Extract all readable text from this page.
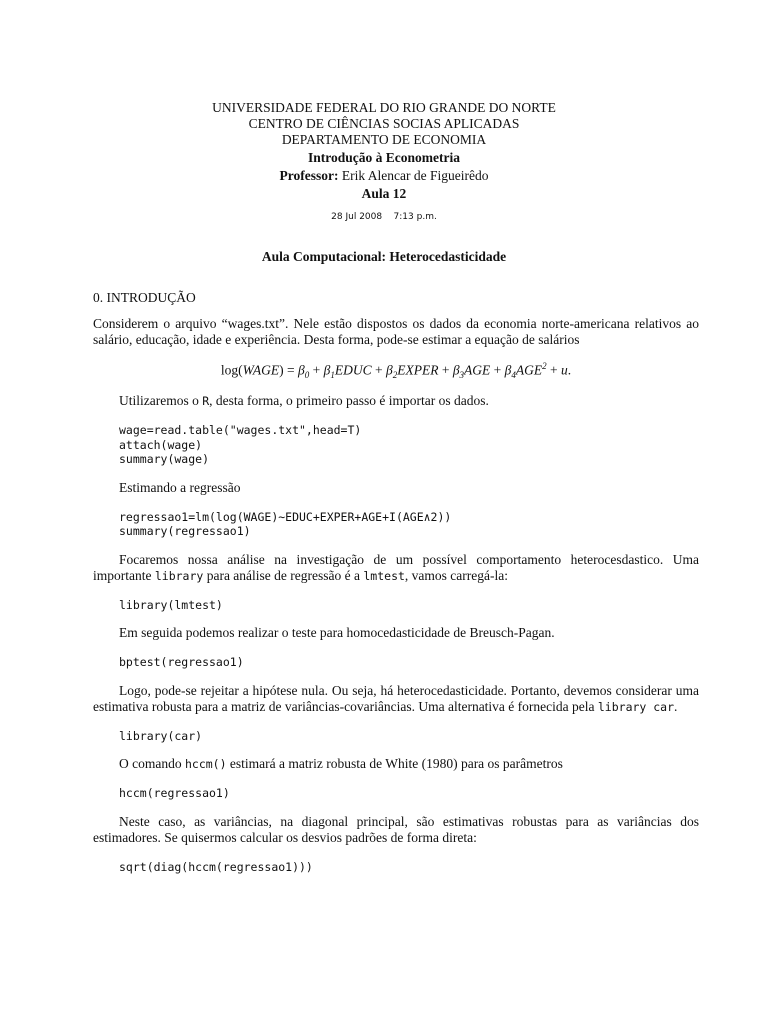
UNIVERSIDADE FEDERAL DO RIO GRANDE DO NORTE
CENTRO DE CIÊNCIAS SOCIAS APLICADAS
DEPARTAMENTO DE ECONOMIA
Introdução à Econometria
Professor: Erik Alencar de Figueirêdo
Aula 12
28 Jul 2008 7:13 p.m.
Aula Computacional: Heterocedasticidade
0. INTRODUÇÃO

Considerem o arquivo “wages.txt”. Nele estão dispostos os dados da economia norte-americana relativos ao salário, educação, idade e experiência. Desta forma, pode-se estimar a equação de salários

log(WAGE) = $\beta_0$ + $\beta_1EDUC$ + $\beta_2EXPER + \beta_3AGE + \beta_4AGE^2 + u$.

Utilizaremos o R, desta forma, o primeiro passo é importar os dados.

wage=read.table("wages.txt",head=T)
attach(wage)
summary(wage)

Estimando a regressão

regressao1=lm(log(WAGE)∼EDUC+EXPER+AGE+I(AGE∧2))
summary(regressao1)

Focaremos nossa análise na investigação de um possível comportamento heterocesdastico. Uma importante library para análise de regressão é a lmtest, vamos carregá-la:

library(lmtest)

Em seguida podemos realizar o teste para homocedasticidade de Breusch-Pagan.

bptest(regressao1)

Logo, pode-se rejeitar a hipótese nula. Ou seja, há heterocedasticidade. Portanto, devemos considerar uma estimativa robusta para a matriz de variâncias-covariâncias. Uma alternativa é fornecida pela library car.

library(car)

O comando hccm() estimará a matriz robusta de White (1980) para os parâmetros

hccm(regressao1)

Neste caso, as variâncias, na diagonal principal, são estimativas robustas para as variâncias dos estimadores. Se quisermos calcular os desvios padrões de forma direta:

sqrt(diag(hccm(regressao1)))
